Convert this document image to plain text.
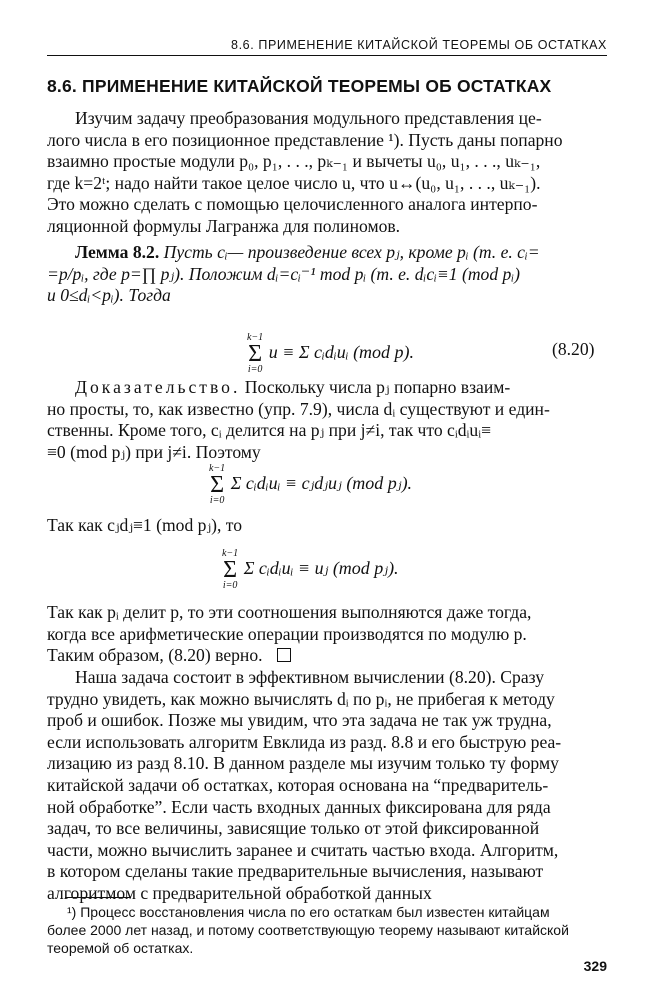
8.6. ПРИМЕНЕНИЕ КИТАЙСКОЙ ТЕОРЕМЫ ОБ ОСТАТКАХ
8.6. ПРИМЕНЕНИЕ КИТАЙСКОЙ ТЕОРЕМЫ ОБ ОСТАТКАХ

Изучим задачу преобразования модульного представления це-

лого числа в его позиционное представление ¹). Пусть даны попарно

взаимно простые модули p₀, p₁, . . ., pₖ₋₁ и вычеты u₀, u₁, . . ., uₖ₋₁,

где k=2ᵗ; надо найти такое целое число u, что u↔(u₀, u₁, . . ., uₖ₋₁).

Это можно сделать с помощью целочисленного аналога интерпо-

ляционной формулы Лагранжа для полиномов.

Лемма 8.2. Пусть cᵢ— произведение всех pⱼ, кроме pᵢ (т. е. cᵢ=

=p/pᵢ, где p=∏ pⱼ). Положим dᵢ=cᵢ⁻¹ mod pᵢ (т. е. dᵢcᵢ≡1 (mod pᵢ)

и 0≤dᵢ<pᵢ). Тогда

k−1
Σ
i=0
u ≡ Σ cᵢdᵢuᵢ (mod p).	(8.20)

Доказательство. Поскольку числа pⱼ попарно взаим-

но просты, то, как известно (упр. 7.9), числа dᵢ существуют и един-

ственны. Кроме того, cᵢ делится на pⱼ при j≠i, так что cᵢdᵢuᵢ≡

≡0 (mod pⱼ) при j≠i. Поэтому

k−1
Σ
i=0
Σ cᵢdᵢuᵢ ≡ cⱼdⱼuⱼ (mod pⱼ).

Так как cⱼdⱼ≡1 (mod pⱼ), то

k−1
Σ
i=0
Σ cᵢdᵢuᵢ ≡ uⱼ (mod pⱼ).

Так как pᵢ делит p, то эти соотношения выполняются даже тогда,

когда все арифметические операции производятся по модулю p.

Таким образом, (8.20) верно.

Наша задача состоит в эффективном вычислении (8.20). Сразу

трудно увидеть, как можно вычислять dᵢ по pᵢ, не прибегая к методу

проб и ошибок. Позже мы увидим, что эта задача не так уж трудна,

если использовать алгоритм Евклида из разд. 8.8 и его быструю реа-

лизацию из разд 8.10. В данном разделе мы изучим только ту форму

китайской задачи об остатках, которая основана на “предваритель-

ной обработке”. Если часть входных данных фиксирована для ряда

задач, то все величины, зависящие только от этой фиксированной

части, можно вычислить заранее и считать частью входа. Алгоритм,

в котором сделаны такие предварительные вычисления, называют

алгоритмом с предварительной обработкой данных

¹) Процесс восстановления числа по его остаткам был известен китайцам

более 2000 лет назад, и потому соответствующую теорему называют китайской

теоремой об остатках.

329
